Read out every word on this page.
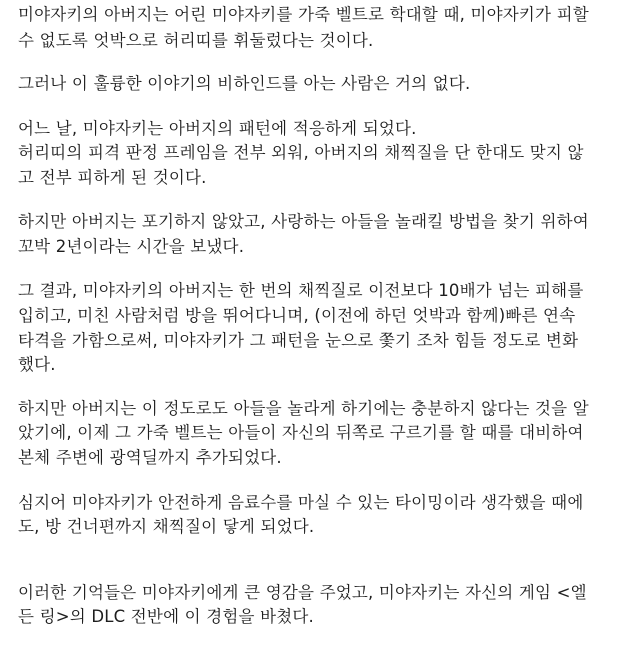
미야자키의 아버지는 어린 미야자키를 가죽 벨트로 학대할 때, 미야자키가 피할
수 없도록 엇박으로 허리띠를 휘둘렀다는 것이다.
그러나 이 훌륭한 이야기의 비하인드를 아는 사람은 거의 없다.
어느 날, 미야자키는 아버지의 패턴에 적응하게 되었다.
허리띠의 피격 판정 프레임을 전부 외워, 아버지의 채찍질을 단 한대도 맞지 않
고 전부 피하게 된 것이다.
하지만 아버지는 포기하지 않았고, 사랑하는 아들을 놀래킬 방법을 찾기 위하여
꼬박 2년이라는 시간을 보냈다.
그 결과, 미야자키의 아버지는 한 번의 채찍질로 이전보다 10배가 넘는 피해를
입히고, 미친 사람처럼 방을 뛰어다니며, (이전에 하던 엇박과 함께)빠른 연속
타격을 가함으로써, 미야자키가 그 패턴을 눈으로 쫓기 조차 힘들 정도로 변화
했다.
하지만 아버지는 이 정도로도 아들을 놀라게 하기에는 충분하지 않다는 것을 알
았기에, 이제 그 가죽 벨트는 아들이 자신의 뒤쪽로 구르기를 할 때를 대비하여
본체 주변에 광역딜까지 추가되었다.
심지어 미야자키가 안전하게 음료수를 마실 수 있는 타이밍이라 생각했을 때에
도, 방 건너편까지 채찍질이 닿게 되었다.
이러한 기억들은 미야자키에게 큰 영감을 주었고, 미야자키는 자신의 게임 <엘
든 링>의 DLC 전반에 이 경험을 바쳤다.
